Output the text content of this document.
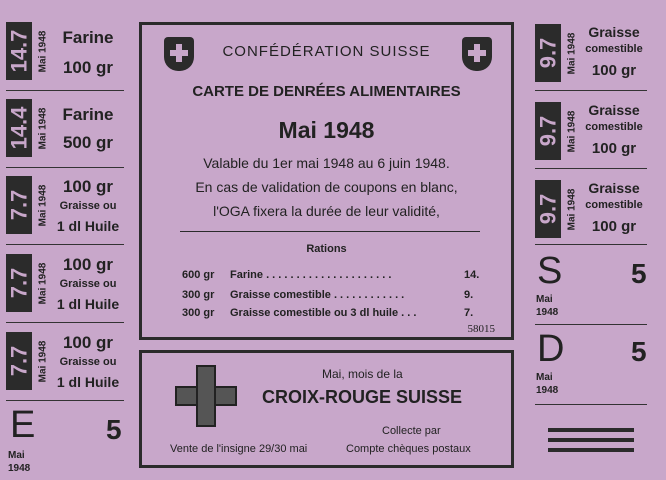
14.7 Mai 1948 Farine
100 gr
14.4 Mai 1948 Farine
500 gr
7.7 Mai 1948 100 gr
Graisse ou
1 dl Huile
7.7 Mai 1948 100 gr
Graisse ou
1 dl Huile
7.7 Mai 1948 100 gr
Graisse ou
1 dl Huile
E	5
Mai
1948
9.7 Mai 1948
Graisse
comestible
100 gr
9.7 Mai 1948
Graisse
comestible
100 gr
9.7 Mai 1948
Graisse
comestible
100 gr
S 5
Mai
1948
D 5
Mai
1948
CONFÉDÉRATION SUISSE
CARTE DE DENRÉES ALIMENTAIRES
Mai 1948
Valable du 1er mai 1948 au 6 juin 1948.
En cas de validation de coupons en blanc,
l'OGA fixera la durée de leur validité,
Rations
600 gr Farine . . . . . . . . . . . . . . . . . . . . .	14.
300 gr Graisse comestible . . . . . . . . . . . .	9.
300 gr Graisse comestible ou 3 dl huile . . .	7.
58015
Mai, mois de la
CROIX-ROUGE SUISSE
Collecte par
Vente de l'insigne 29/30 mai	Compte chèques postaux
